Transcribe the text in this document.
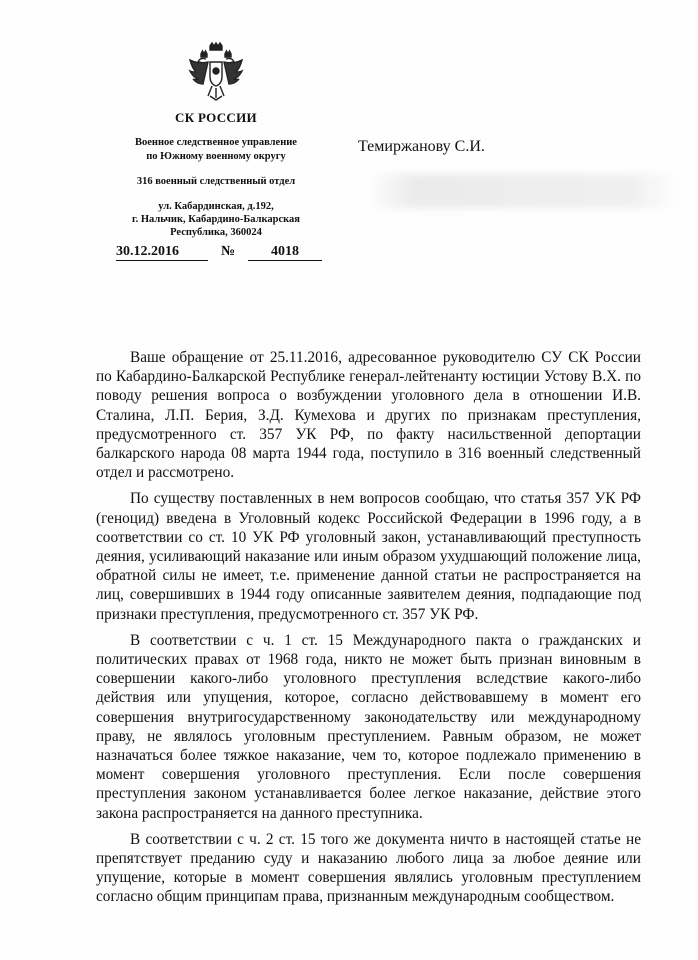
СК РОССИИ
Военное следственное управление
по Южному военному округу
316 военный следственный отдел
ул. Кабардинская, д.192,
г. Нальчик, Кабардино-Балкарская
Республика, 360024
30.12.2016	№	4018
Темиржанову С.И.

Ваше обращение от 25.11.2016, адресованное руководителю СУ СК России по Кабардино-Балкарской Республике генерал-лейтенанту юстиции Устову В.Х. по поводу решения вопроса о возбуждении уголовного дела в отношении И.В. Сталина, Л.П. Берия, З.Д. Кумехова и других по признакам преступления, предусмотренного ст. 357 УК РФ, по факту насильственной депортации балкарского народа 08 марта 1944 года, поступило в 316 военный следственный отдел и рассмотрено.

По существу поставленных в нем вопросов сообщаю, что статья 357 УК РФ (геноцид) введена в Уголовный кодекс Российской Федерации в 1996 году, а в соответствии со ст. 10 УК РФ уголовный закон, устанавливающий преступность деяния, усиливающий наказание или иным образом ухудшающий положение лица, обратной силы не имеет, т.е. применение данной статьи не распространяется на лиц, совершивших в 1944 году описанные заявителем деяния, подпадающие под признаки преступления, предусмотренного ст. 357 УК РФ.

В соответствии с ч. 1 ст. 15 Международного пакта о гражданских и политических правах от 1968 года, никто не может быть признан виновным в совершении какого-либо уголовного преступления вследствие какого-либо действия или упущения, которое, согласно действовавшему в момент его совершения внутригосударственному законодательству или международному праву, не являлось уголовным преступлением. Равным образом, не может назначаться более тяжкое наказание, чем то, которое подлежало применению в момент совершения уголовного преступления. Если после совершения преступления законом устанавливается более легкое наказание, действие этого закона распространяется на данного преступника.

В соответствии с ч. 2 ст. 15 того же документа ничто в настоящей статье не препятствует преданию суду и наказанию любого лица за любое деяние или упущение, которые в момент совершения являлись уголовным преступлением согласно общим принципам права, признанным международным сообществом.
